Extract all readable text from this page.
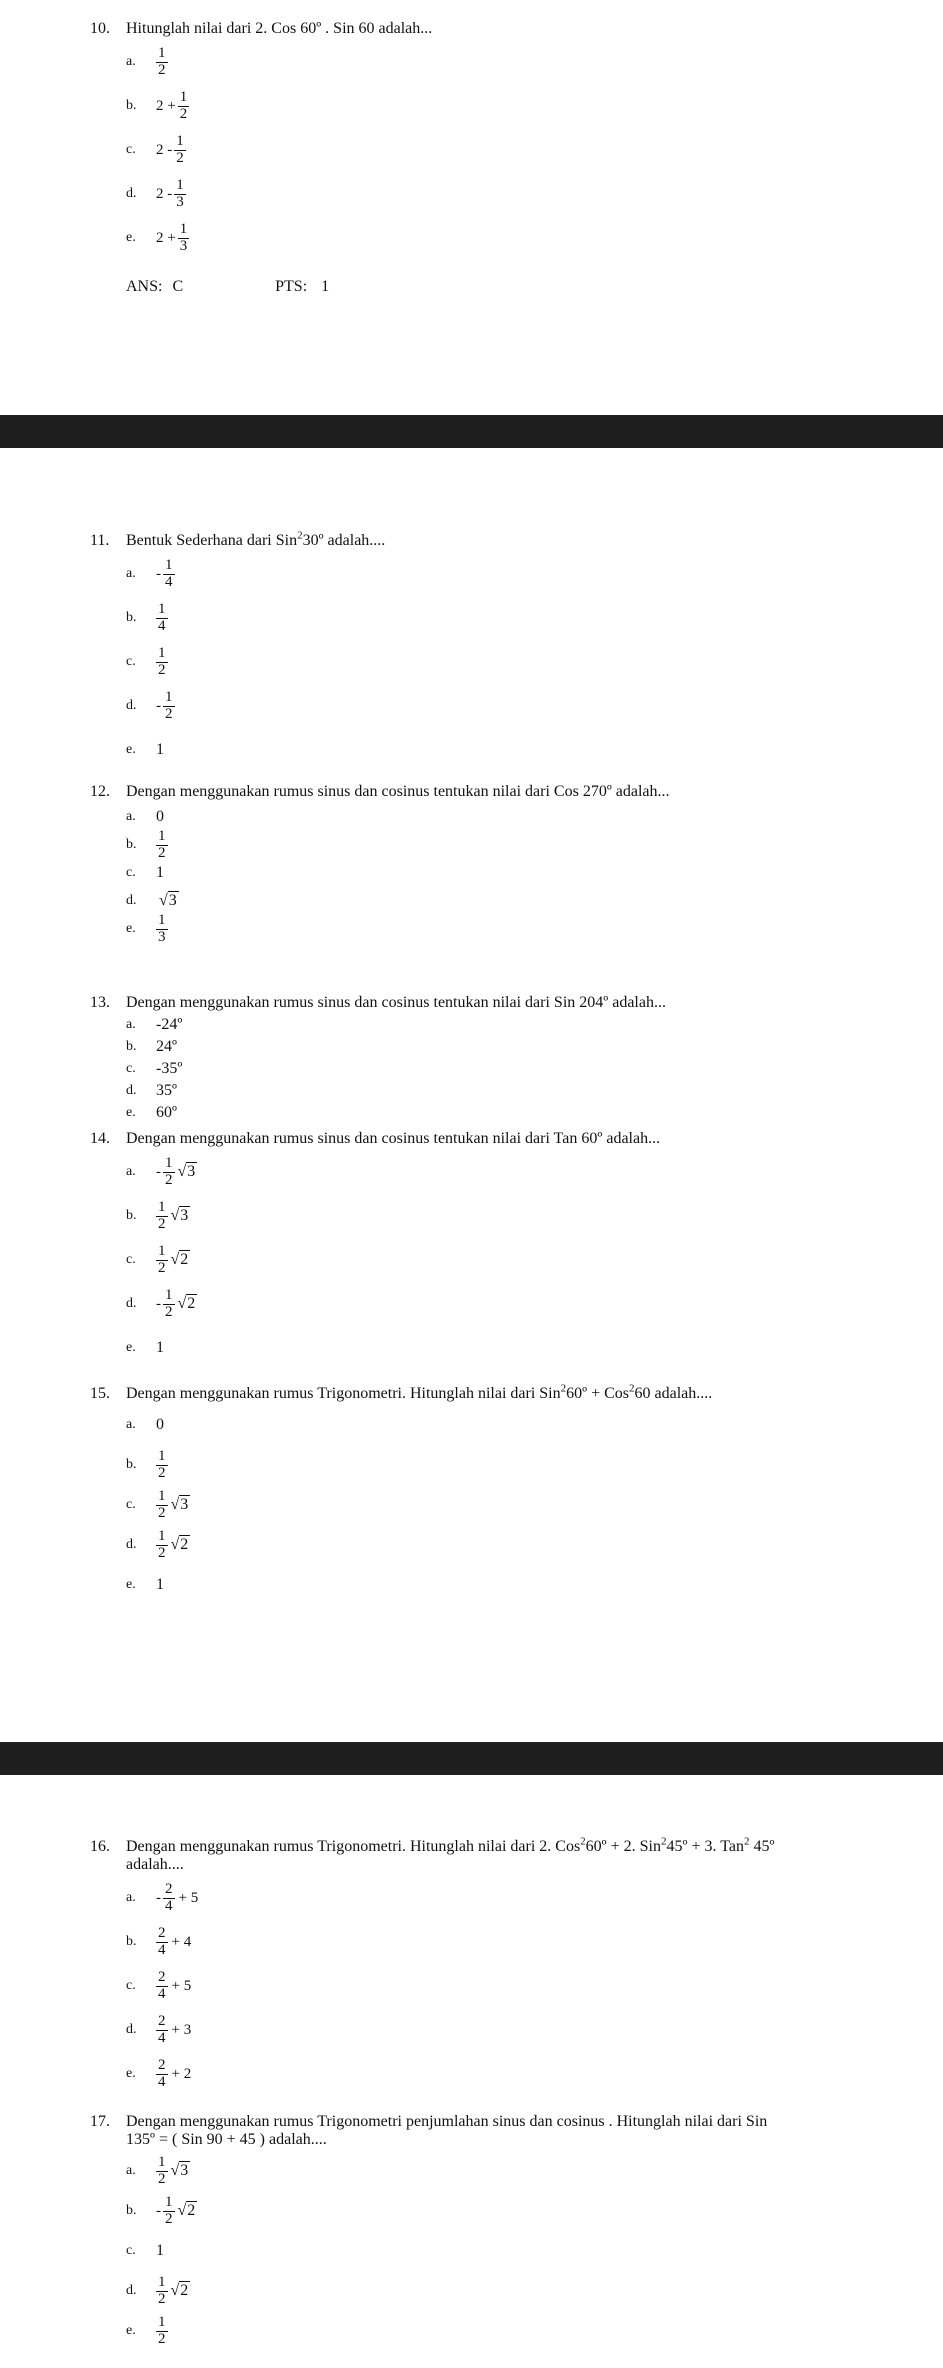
10. Hitunglah nilai dari 2. Cos 60º . Sin 60 adalah...
a.	$\frac{1}{2}$
b.	$2 + \frac{1}{2}$
c.	$2 - \frac{1}{2}$
d.	$2 - \frac{1}{3}$
e.	$2 + \frac{1}{3}$
ANS: C	PTS: 1
11. Bentuk Sederhana dari Sin$^2$30º adalah....
a.	- $\frac{1}{4}$
b.	$\frac{1}{4}$
c.	$\frac{1}{2}$
d.	- $\frac{1}{2}$
e.	1
12. Dengan menggunakan rumus sinus dan cosinus tentukan nilai dari Cos 270º adalah...
a.	0
b.	$\frac{1}{2}$
c.	1
d.	√3
e.	$\frac{1}{3}$
13. Dengan menggunakan rumus sinus dan cosinus tentukan nilai dari Sin 204º adalah...
a.	-24º
b.	24º
c.	-35º
d.	35º
e.	60º
14. Dengan menggunakan rumus sinus dan cosinus tentukan nilai dari Tan 60º adalah...
a.	- $\frac{1}{2} √3$
b.	$\frac{1}{2} √3$
c.	$\frac{1}{2} √2$
d.	- $\frac{1}{2} √2$
e.	1
15. Dengan menggunakan rumus Trigonometri. Hitunglah nilai dari Sin$^2$60º + Cos$^2$60 adalah....
a.	0
b.	$\frac{1}{2}$
c.	$\frac{1}{2} √3$
d.	$\frac{1}{2} √2$
e.	1
16. Dengan menggunakan rumus Trigonometri. Hitunglah nilai dari 2. Cos$^2$60º + 2. Sin$^2$45º + 3. Tan$^2$ 45º
adalah....
a.	- $\frac{2}{4} + 5$
b.	$\frac{2}{4} + 4$
c.	$\frac{2}{4} + 5$
d.	$\frac{2}{4} + 3$
e.	$\frac{2}{4} + 2$
17. Dengan menggunakan rumus Trigonometri penjumlahan sinus dan cosinus . Hitunglah nilai dari Sin
135º = ( Sin 90 + 45 ) adalah....
a.	$\frac{1}{2} √3$
b.	- $\frac{1}{2} √2$
c.	1
d.	$\frac{1}{2} √2$
e.	$\frac{1}{2}$
